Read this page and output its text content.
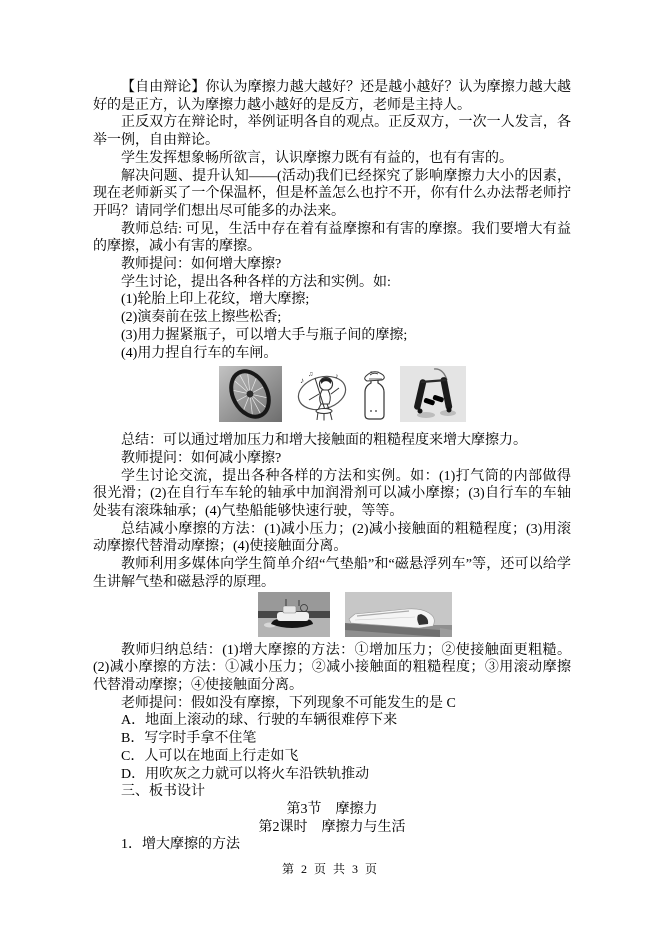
【自由辩论】你认为摩擦力越大越好？还是越小越好？认为摩擦力越大越好的是正方，认为摩擦力越小越好的是反方，老师是主持人。

正反双方在辩论时，举例证明各自的观点。正反双方，一次一人发言，各举一例，自由辩论。

学生发挥想象畅所欲言，认识摩擦力既有有益的，也有有害的。

解决问题、提升认知——(活动)我们已经探究了影响摩擦力大小的因素，现在老师新买了一个保温杯，但是杯盖怎么也拧不开，你有什么办法帮老师拧开吗？请同学们想出尽可能多的办法来。

教师总结: 可见，生活中存在着有益摩擦和有害的摩擦。我们要增大有益的摩擦，减小有害的摩擦。

教师提问：如何增大摩擦?

学生讨论，提出各种各样的方法和实例。如:

(1)轮胎上印上花纹，增大摩擦;

(2)演奏前在弦上擦些松香;

(3)用力握紧瓶子，可以增大手与瓶子间的摩擦;

(4)用力捏自行车的车闸。

♪
♫	♪

总结：可以通过增加压力和增大接触面的粗糙程度来增大摩擦力。

教师提问：如何减小摩擦?

学生讨论交流，提出各种各样的方法和实例。如：(1)打气筒的内部做得很光滑；(2)在自行车车轮的轴承中加润滑剂可以减小摩擦；(3)自行车的车轴处装有滚珠轴承；(4)气垫船能够快速行驶，等等。

总结减小摩擦的方法：(1)减小压力；(2)减小接触面的粗糙程度；(3)用滚动摩擦代替滑动摩擦；(4)使接触面分离。

教师利用多媒体向学生简单介绍“气垫船”和“磁悬浮列车”等，还可以给学生讲解气垫和磁悬浮的原理。

教师归纳总结：(1)增大摩擦的方法：①增加压力；②使接触面更粗糙。(2)减小摩擦的方法：①减小压力；②减小接触面的粗糙程度；③用滚动摩擦代替滑动摩擦；④使接触面分离。

老师提问：假如没有摩擦，下列现象不可能发生的是 C

A．地面上滚动的球、行驶的车辆很难停下来

B．写字时手拿不住笔

C．人可以在地面上行走如飞

D．用吹灰之力就可以将火车沿铁轨推动

三、板书设计

第3节　摩擦力

第2课时　摩擦力与生活

1．增大摩擦的方法

第 2 页 共 3 页
